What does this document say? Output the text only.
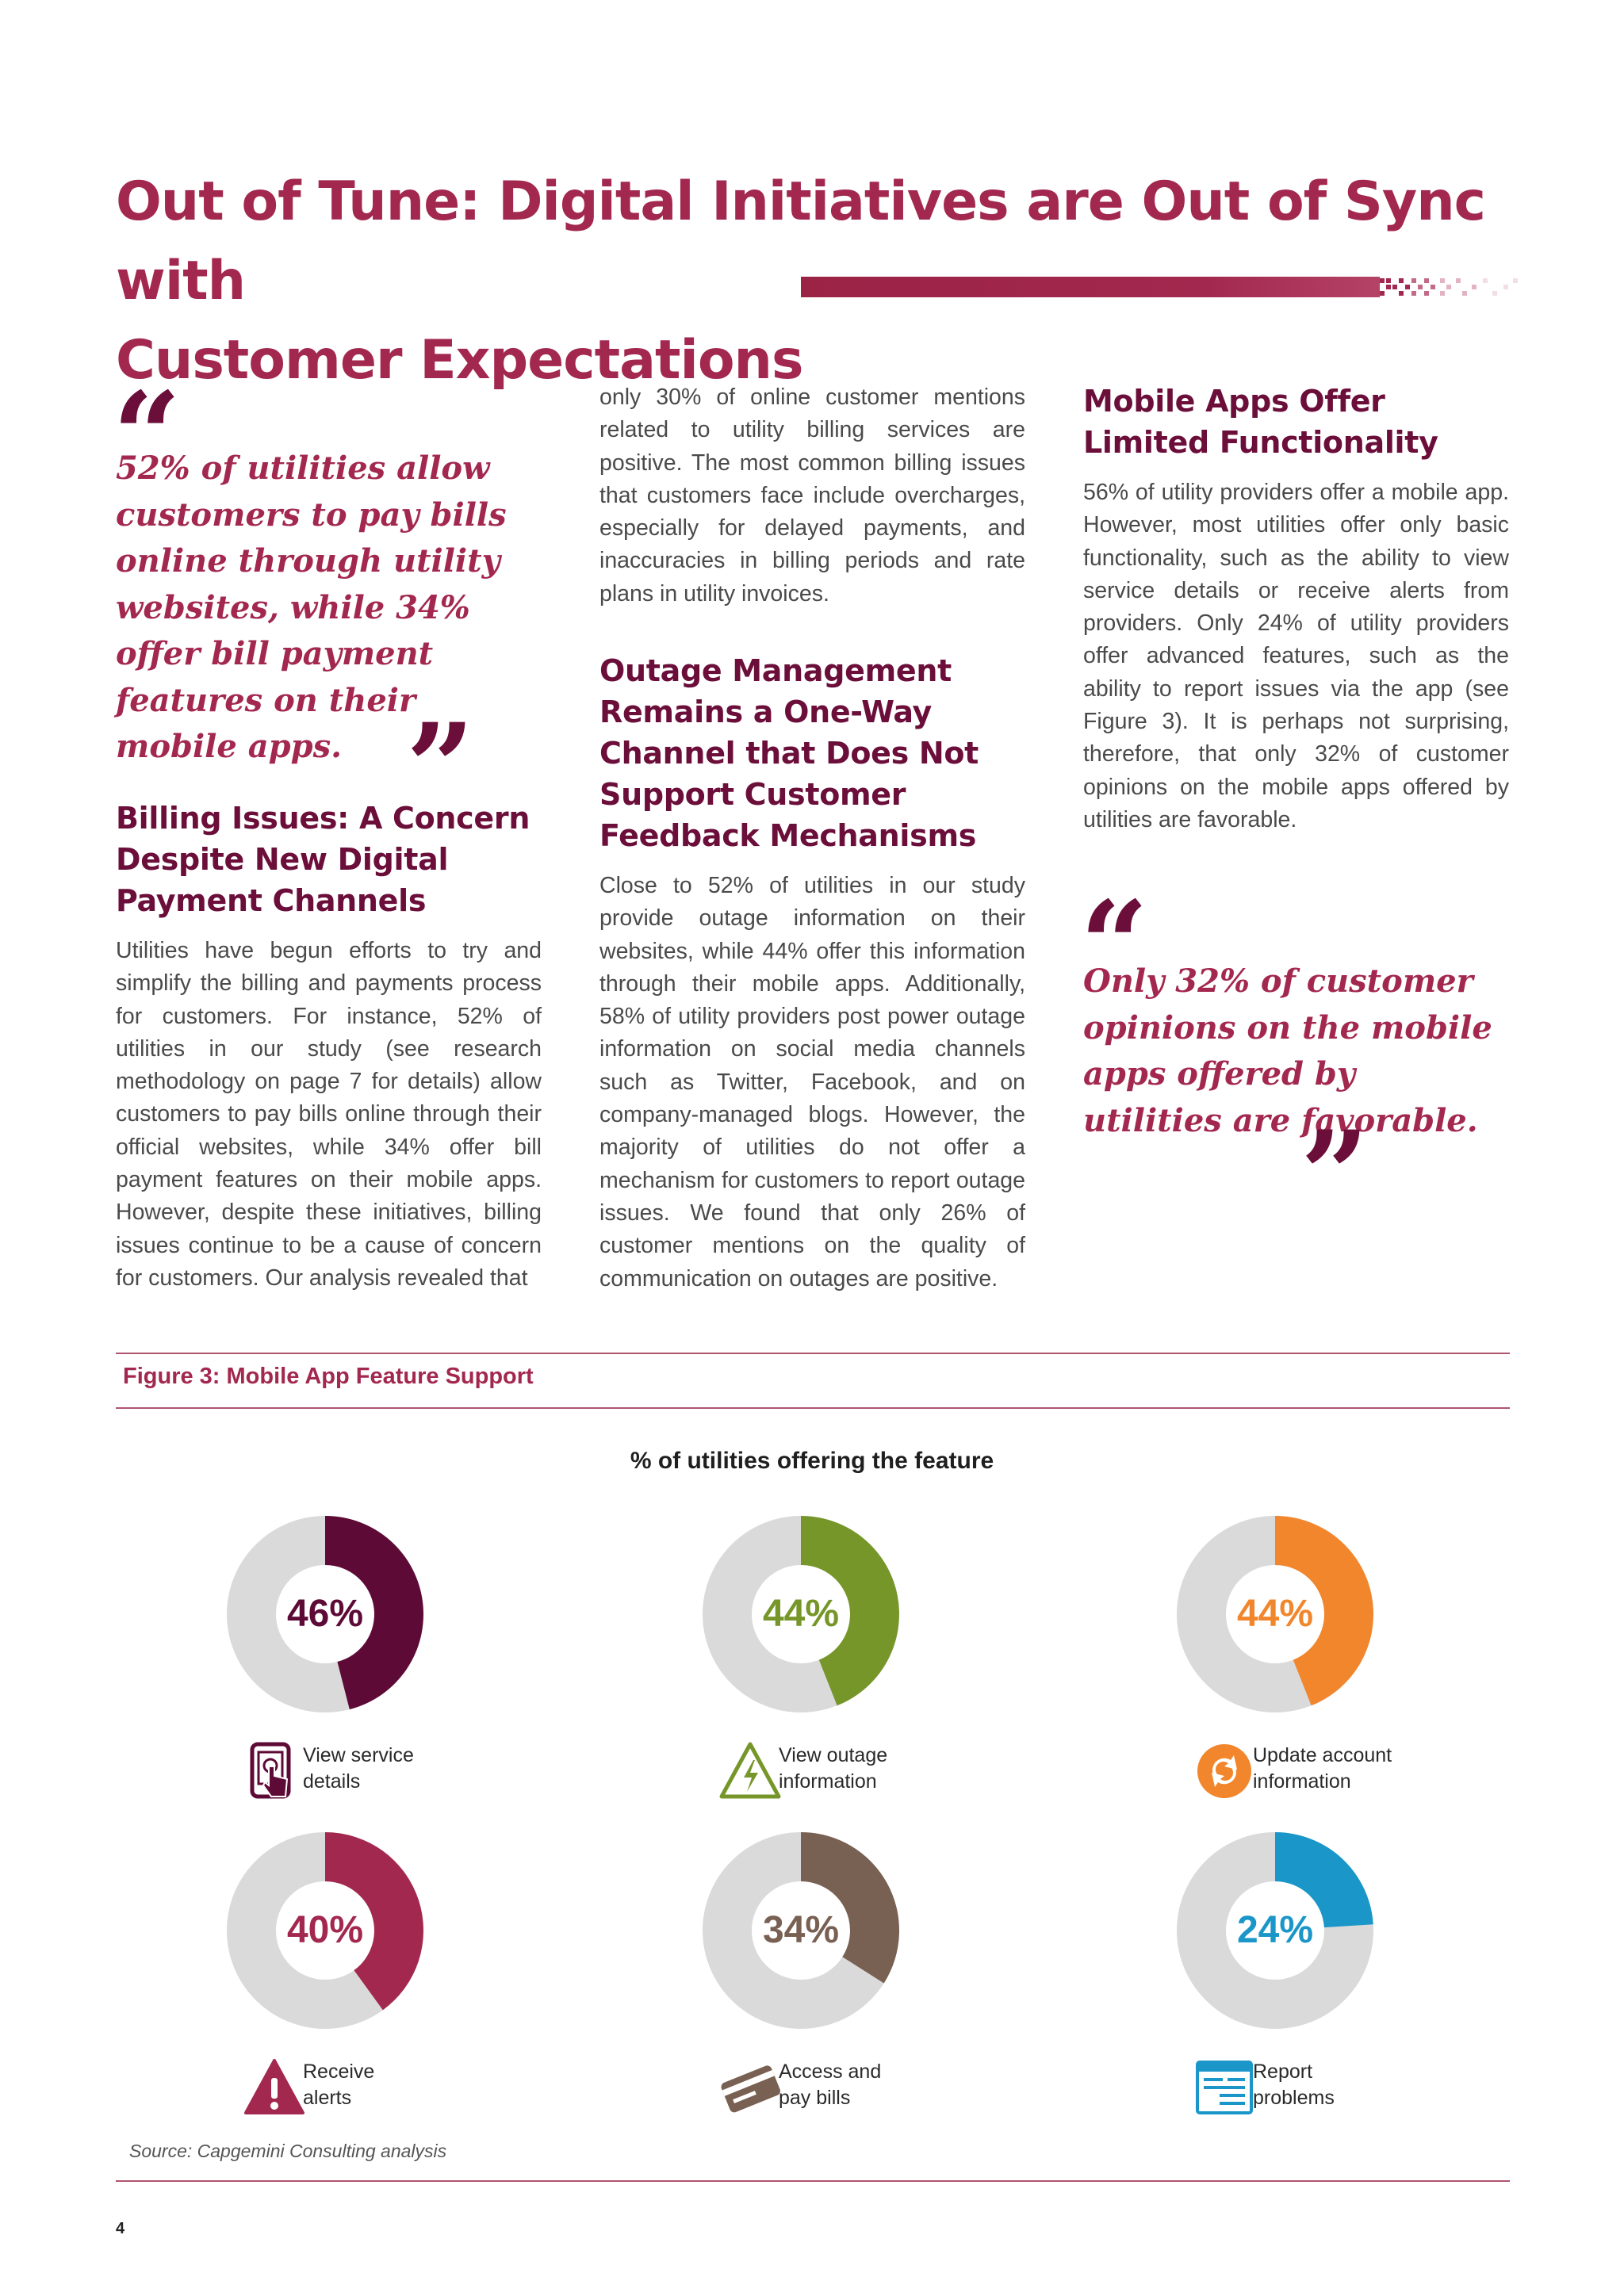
Out of Tune: Digital Initiatives are Out of Sync with
Customer Expectations
“
52% of utilities allow customers to pay bills online through utility websites, while 34% offer bill payment features on their mobile apps. ”
Billing Issues: A Concern Despite New Digital Payment Channels
Utilities have begun efforts to try and simplify the billing and payments process for customers. For instance, 52% of utilities in our study (see research methodology on page 7 for details) allow customers to pay bills online through their official websites, while 34% offer bill payment features on their mobile apps. However, despite these initiatives, billing issues continue to be a cause of concern for customers. Our analysis revealed that
only 30% of online customer mentions related to utility billing services are positive. The most common billing issues that customers face include overcharges, especially for delayed payments, and inaccuracies in billing periods and rate plans in utility invoices.
Outage Management Remains a One-Way Channel that Does Not Support Customer Feedback Mechanisms
Close to 52% of utilities in our study provide outage information on their websites, while 44% offer this information through their mobile apps. Additionally, 58% of utility providers post power outage information on social media channels such as Twitter, Facebook, and on company-managed blogs. However, the majority of utilities do not offer a mechanism for customers to report outage issues. We found that only 26% of customer mentions on the quality of communication on outages are positive.
Mobile Apps Offer Limited Functionality
56% of utility providers offer a mobile app. However, most utilities offer only basic functionality, such as the ability to view service details or receive alerts from providers. Only 24% of utility providers offer advanced features, such as the ability to report issues via the app (see Figure 3). It is perhaps not surprising, therefore, that only 32% of customer opinions on the mobile apps offered by utilities are favorable.
“
Only 32% of customer opinions on the mobile apps offered by utilities are favorable.
”
Figure 3: Mobile App Feature Support
% of utilities offering the feature
46%
View service
details
44%
View outage
information
44%
Update account
information
40%
Receive
alerts
34%
Access and
pay bills
24%
Report
problems
Source: Capgemini Consulting analysis
4
